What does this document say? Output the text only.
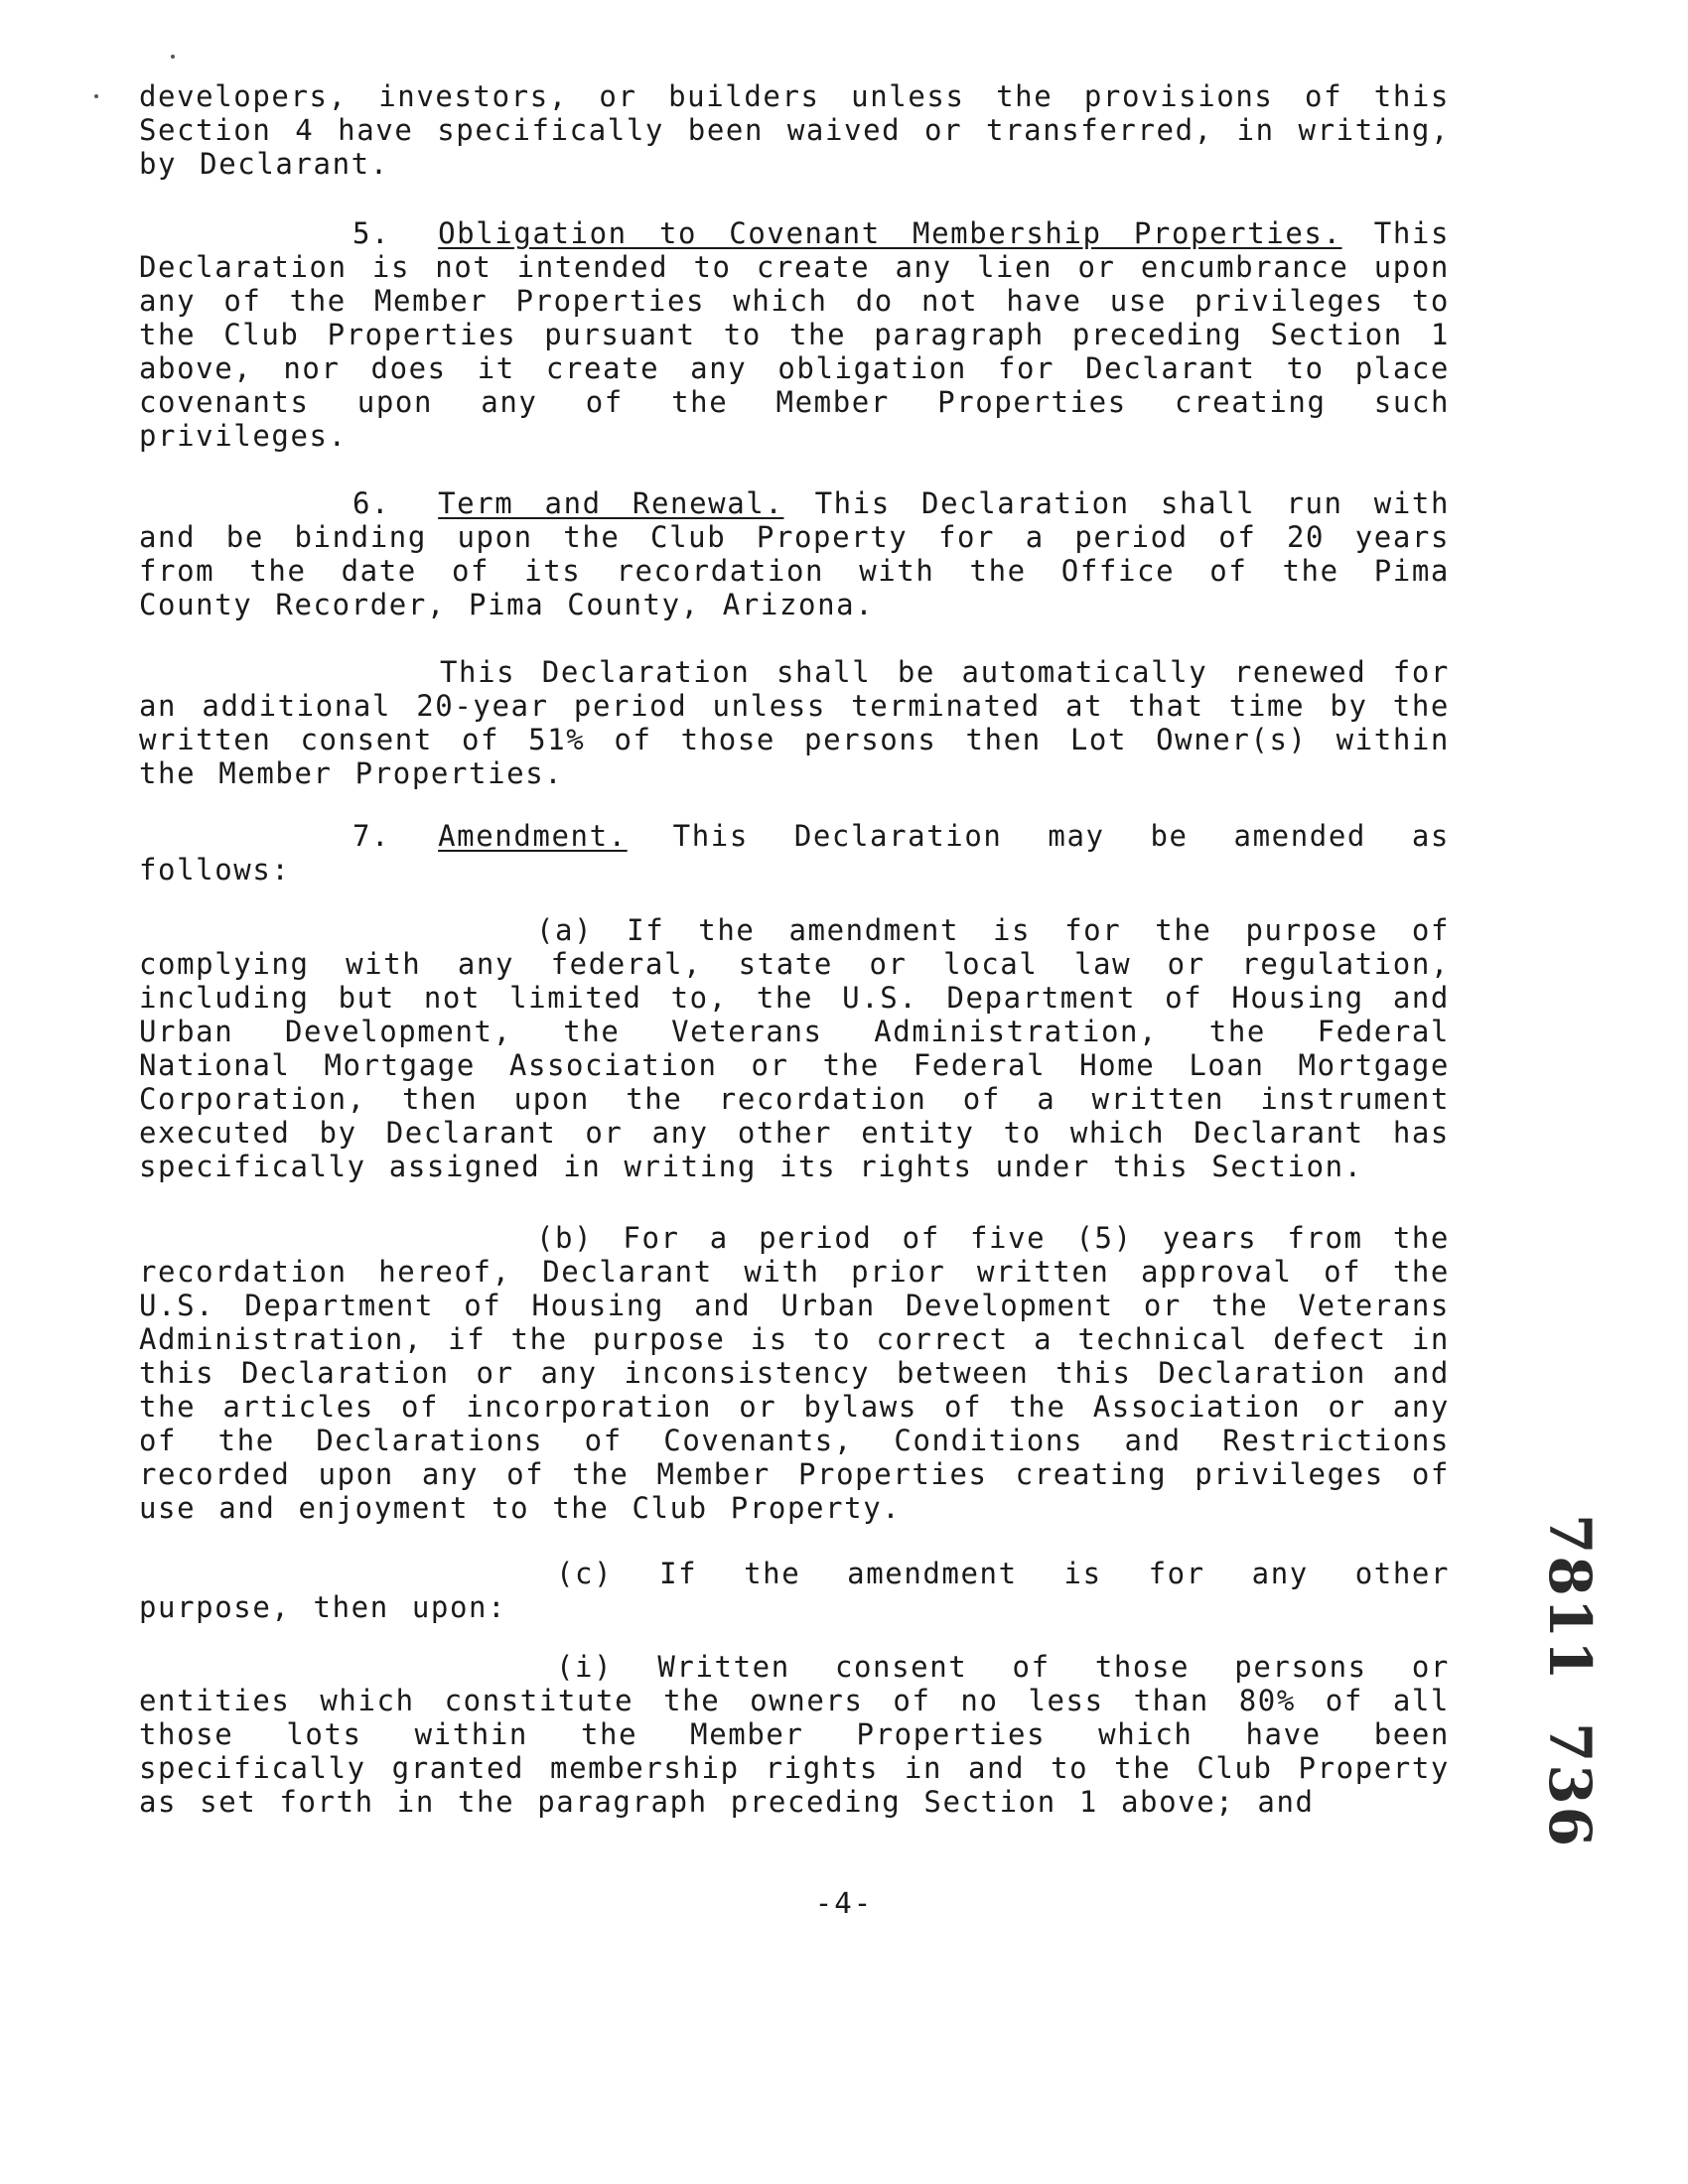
developers, investors, or builders unless the provisions of this Section 4 have specifically been waived or transferred, in writing, by Declarant.

5. Obligation to Covenant Membership Properties. This Declaration is not intended to create any lien or encumbrance upon any of the Member Properties which do not have use privileges to the Club Properties pursuant to the paragraph preceding Section 1 above, nor does it create any obligation for Declarant to place covenants upon any of the Member Properties creating such privileges.

6. Term and Renewal. This Declaration shall run with and be binding upon the Club Property for a period of 20 years from the date of its recordation with the Office of the Pima County Recorder, Pima County, Arizona.

This Declaration shall be automatically renewed for an additional 20-year period unless terminated at that time by the written consent of 51% of those persons then Lot Owner(s) within the Member Properties.

7. Amendment. This Declaration may be amended as follows:

(a) If the amendment is for the purpose of complying with any federal, state or local law or regulation, including but not limited to, the U.S. Department of Housing and Urban Development, the Veterans Administration, the Federal National Mortgage Association or the Federal Home Loan Mortgage Corporation, then upon the recordation of a written instrument executed by Declarant or any other entity to which Declarant has specifically assigned in writing its rights under this Section.

(b) For a period of five (5) years from the recordation hereof, Declarant with prior written approval of the U.S. Department of Housing and Urban Development or the Veterans Administration, if the purpose is to correct a technical defect in this Declaration or any inconsistency between this Declaration and the articles of incorporation or bylaws of the Association or any of the Declarations of Covenants, Conditions and Restrictions recorded upon any of the Member Properties creating privileges of use and enjoyment to the Club Property.

(c) If the amendment is for any other purpose, then upon:

(i) Written consent of those persons or entities which constitute the owners of no less than 80% of all those lots within the Member Properties which have been specifically granted membership rights in and to the Club Property as set forth in the paragraph preceding Section 1 above; and

-4-
7811
736
